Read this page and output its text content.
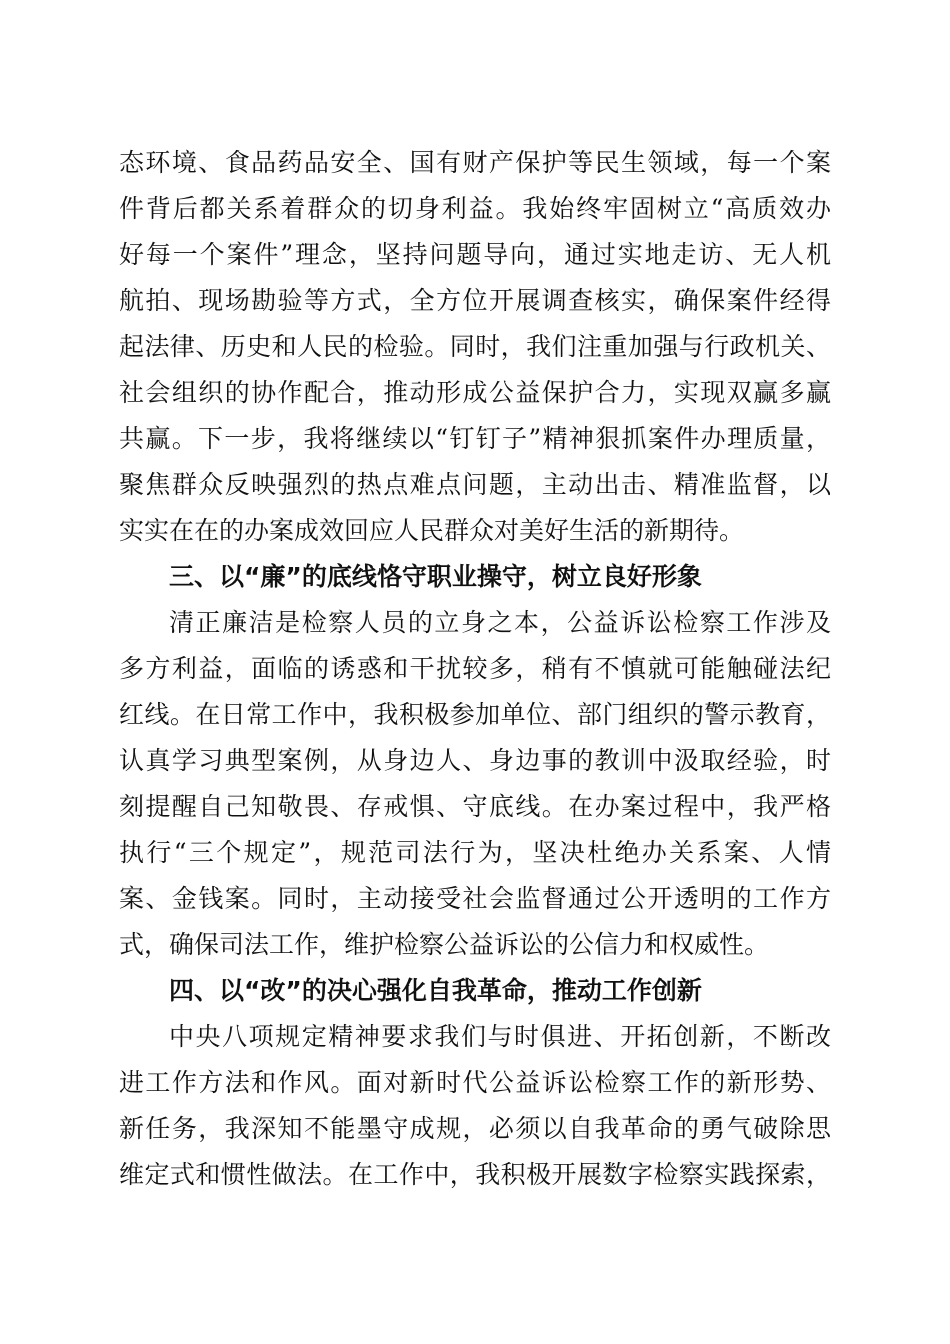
态环境、食品药品安全、国有财产保护等民生领域，每一个案
件背后都关系着群众的切身利益。我始终牢固树立“高质效办
好每一个案件”理念，坚持问题导向，通过实地走访、无人机
航拍、现场勘验等方式，全方位开展调查核实，确保案件经得
起法律、历史和人民的检验。同时，我们注重加强与行政机关、
社会组织的协作配合，推动形成公益保护合力，实现双赢多赢
共赢。下一步，我将继续以“钉钉子”精神狠抓案件办理质量，
聚焦群众反映强烈的热点难点问题，主动出击、精准监督，以
实实在在的办案成效回应人民群众对美好生活的新期待。
三、以“廉”的底线恪守职业操守，树立良好形象
清正廉洁是检察人员的立身之本，公益诉讼检察工作涉及
多方利益，面临的诱惑和干扰较多，稍有不慎就可能触碰法纪
红线。在日常工作中，我积极参加单位、部门组织的警示教育，
认真学习典型案例，从身边人、身边事的教训中汲取经验，时
刻提醒自己知敬畏、存戒惧、守底线。在办案过程中，我严格
执行“三个规定”，规范司法行为，坚决杜绝办关系案、人情
案、金钱案。同时，主动接受社会监督通过公开透明的工作方
式，确保司法工作，维护检察公益诉讼的公信力和权威性。
四、以“改”的决心强化自我革命，推动工作创新
中央八项规定精神要求我们与时俱进、开拓创新，不断改
进工作方法和作风。面对新时代公益诉讼检察工作的新形势、
新任务，我深知不能墨守成规，必须以自我革命的勇气破除思
维定式和惯性做法。在工作中，我积极开展数字检察实践探索，
